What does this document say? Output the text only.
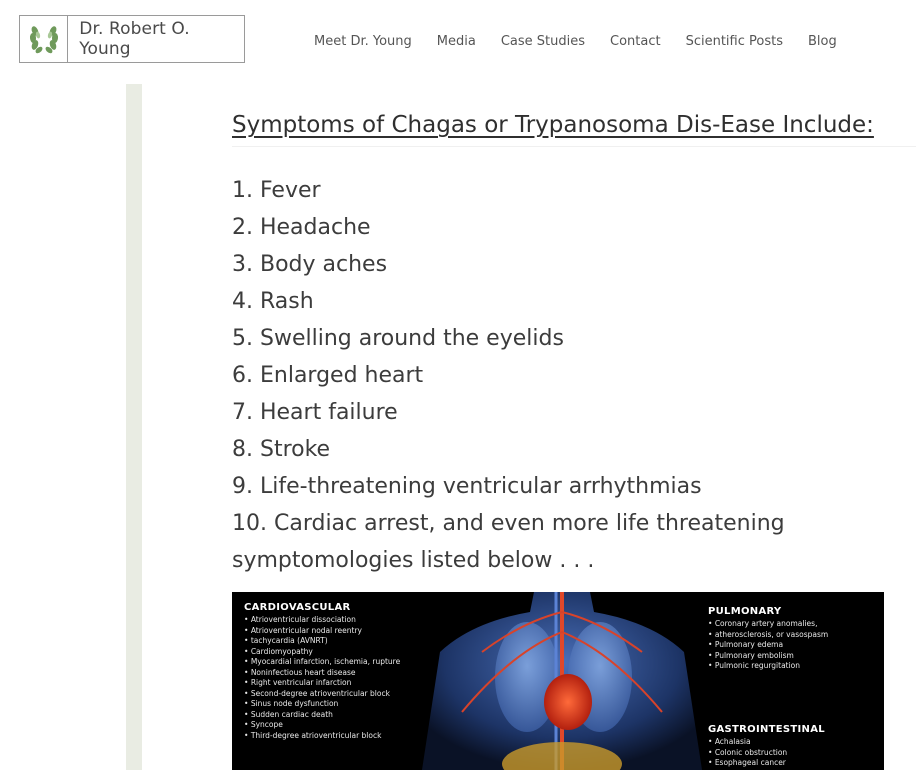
Dr. Robert O. Young	Meet Dr. Young Media Case Studies Contact Scientific Posts Blog
Symptoms of Chagas or Trypanosoma Dis-Ease Include:
1. Fever
2. Headache
3. Body aches
4. Rash
5. Swelling around the eyelids
6. Enlarged heart
7. Heart failure
8. Stroke
9. Life-threatening ventricular arrhythmias
10. Cardiac arrest, and even more life threatening symptomologies listed below . . .
CARDIOVASCULAR
• Atrioventricular dissociation
• Atrioventricular nodal reentry
• tachycardia (AVNRT)
• Cardiomyopathy
• Myocardial infarction, ischemia, rupture
• Noninfectious heart disease
• Right ventricular infarction
• Second-degree atrioventricular block
• Sinus node dysfunction
• Sudden cardiac death
• Syncope
• Third-degree atrioventricular block
PULMONARY
• Coronary artery anomalies,
• atherosclerosis, or vasospasm
• Pulmonary edema
• Pulmonary embolism
• Pulmonic regurgitation
GASTROINTESTINAL
• Achalasia
• Colonic obstruction
• Esophageal cancer
